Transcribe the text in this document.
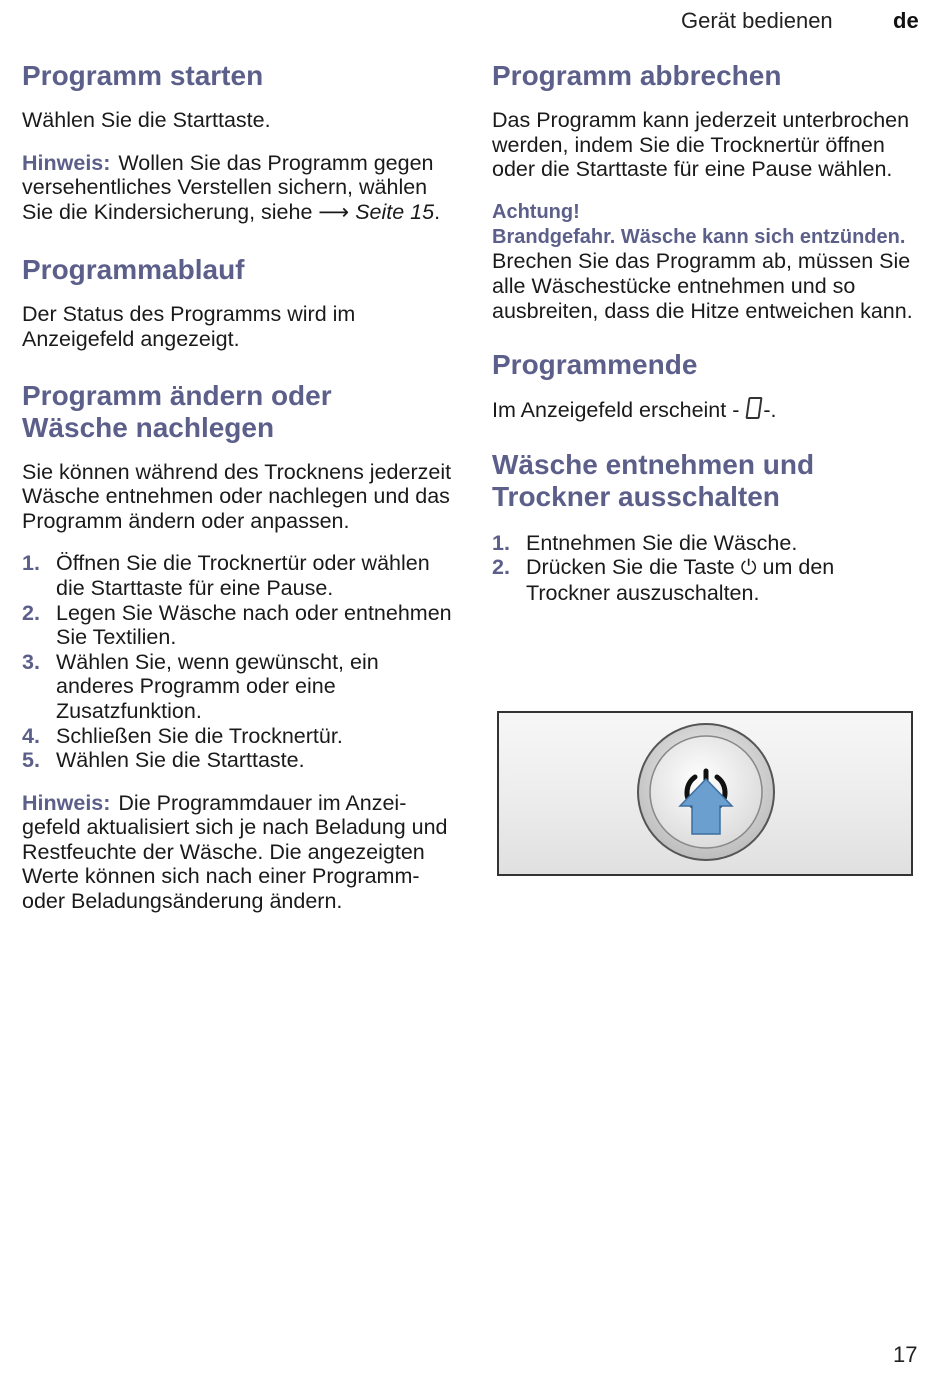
Gerät bedienen	de
Programm starten

Wählen Sie die Starttaste.

Hinweis: Wollen Sie das Programm gegen versehentliches Verstellen sichern, wählen Sie die Kindersicherung, siehe ⟶ Seite 15.

Programmablauf

Der Status des Programms wird im Anzeigefeld angezeigt.

Programm ändern oder
Wäsche nachlegen

Sie können während des Trocknens jederzeit Wäsche entnehmen oder nachlegen und das Programm ändern oder anpassen.

1. Öffnen Sie die Trocknertür oder wählen die Starttaste für eine Pause.
2. Legen Sie Wäsche nach oder entnehmen Sie Textilien.
3. Wählen Sie, wenn gewünscht, ein anderes Programm oder eine Zusatzfunktion.
4. Schließen Sie die Trocknertür.
5. Wählen Sie die Starttaste.

Hinweis: Die Programmdauer im Anzeigefeld aktualisiert sich je nach Beladung und Restfeuchte der Wäsche. Die angezeigten Werte können sich nach einer Programm- oder Beladungsänderung ändern.

Programm abbrechen

Das Programm kann jederzeit unterbrochen werden, indem Sie die Trocknertür öffnen oder die Starttaste für eine Pause wählen.

Achtung!
Brandgefahr. Wäsche kann sich entzünden.

Brechen Sie das Programm ab, müssen Sie alle Wäschestücke entnehmen und so ausbreiten, dass die Hitze entweichen kann.

Programmende

Im Anzeigefeld erscheint - -.

Wäsche entnehmen und
Trockner ausschalten
1. Entnehmen Sie die Wäsche.
2. Drücken Sie die Taste ⏻ um den Trockner auszuschalten.
17
